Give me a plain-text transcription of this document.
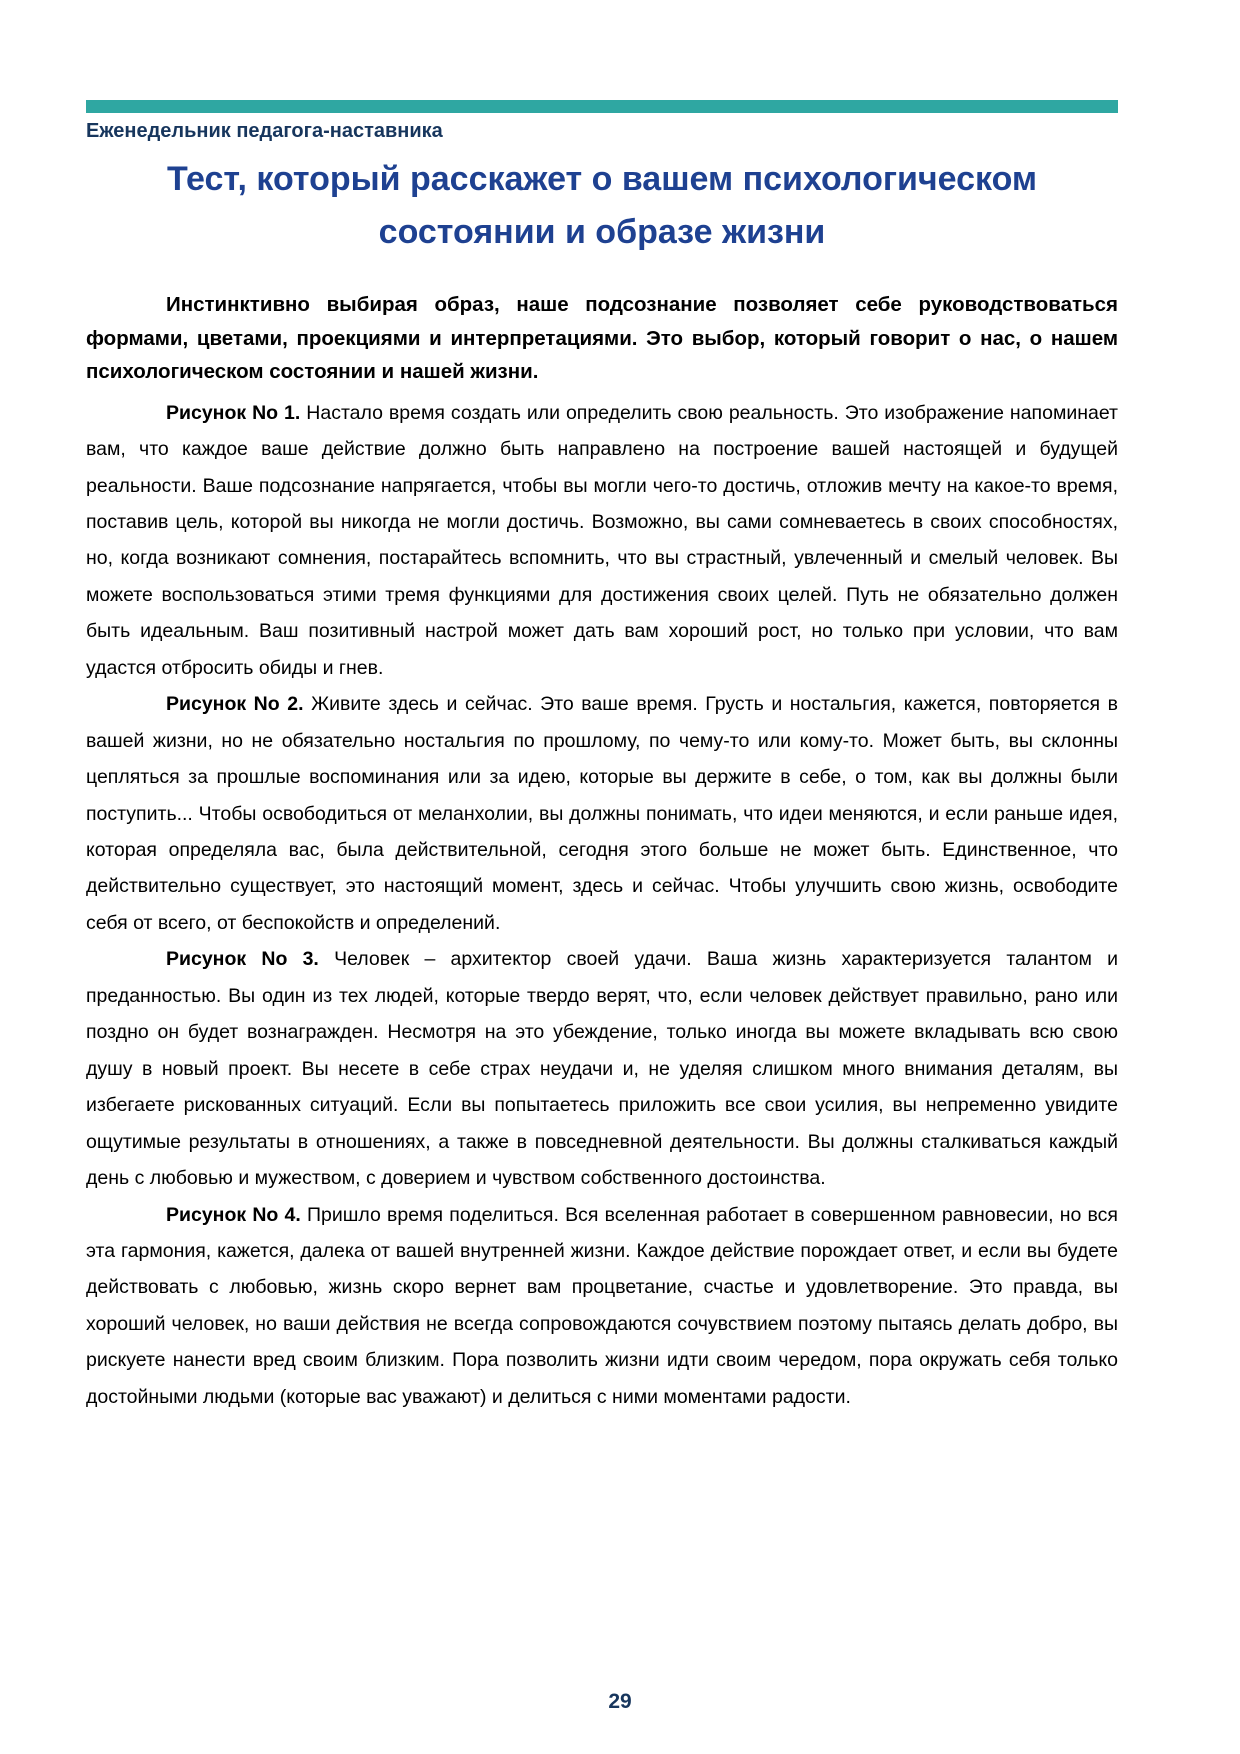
Еженедельник педагога-наставника
Тест, который расскажет о вашем психологическом состоянии и образе жизни

Инстинктивно выбирая образ, наше подсознание позволяет себе руководствоваться формами, цветами, проекциями и интерпретациями. Это выбор, который говорит о нас, о нашем психологическом состоянии и нашей жизни.

Рисунок No 1. Настало время создать или определить свою реальность. Это изображение напоминает вам, что каждое ваше действие должно быть направлено на построение вашей настоящей и будущей реальности. Ваше подсознание напрягается, чтобы вы могли чего-то достичь, отложив мечту на какое-то время, поставив цель, которой вы никогда не могли достичь. Возможно, вы сами сомневаетесь в своих способностях, но, когда возникают сомнения, постарайтесь вспомнить, что вы страстный, увлеченный и смелый человек. Вы можете воспользоваться этими тремя функциями для достижения своих целей. Путь не обязательно должен быть идеальным. Ваш позитивный настрой может дать вам хороший рост, но только при условии, что вам удастся отбросить обиды и гнев.

Рисунок No 2. Живите здесь и сейчас. Это ваше время. Грусть и ностальгия, кажется, повторяется в вашей жизни, но не обязательно ностальгия по прошлому, по чему-то или кому-то. Может быть, вы склонны цепляться за прошлые воспоминания или за идею, которые вы держите в себе, о том, как вы должны были поступить... Чтобы освободиться от меланхолии, вы должны понимать, что идеи меняются, и если раньше идея, которая определяла вас, была действительной, сегодня этого больше не может быть. Единственное, что действительно существует, это настоящий момент, здесь и сейчас. Чтобы улучшить свою жизнь, освободите себя от всего, от беспокойств и определений.

Рисунок No 3. Человек – архитектор своей удачи. Ваша жизнь характеризуется талантом и преданностью. Вы один из тех людей, которые твердо верят, что, если человек действует правильно, рано или поздно он будет вознагражден. Несмотря на это убеждение, только иногда вы можете вкладывать всю свою душу в новый проект. Вы несете в себе страх неудачи и, не уделяя слишком много внимания деталям, вы избегаете рискованных ситуаций. Если вы попытаетесь приложить все свои усилия, вы непременно увидите ощутимые результаты в отношениях, а также в повседневной деятельности. Вы должны сталкиваться каждый день с любовью и мужеством, с доверием и чувством собственного достоинства.

Рисунок No 4. Пришло время поделиться. Вся вселенная работает в совершенном равновесии, но вся эта гармония, кажется, далека от вашей внутренней жизни. Каждое действие порождает ответ, и если вы будете действовать с любовью, жизнь скоро вернет вам процветание, счастье и удовлетворение. Это правда, вы хороший человек, но ваши действия не всегда сопровождаются сочувствием поэтому пытаясь делать добро, вы рискуете нанести вред своим близким. Пора позволить жизни идти своим чередом, пора окружать себя только достойными людьми (которые вас уважают) и делиться с ними моментами радости.

29
